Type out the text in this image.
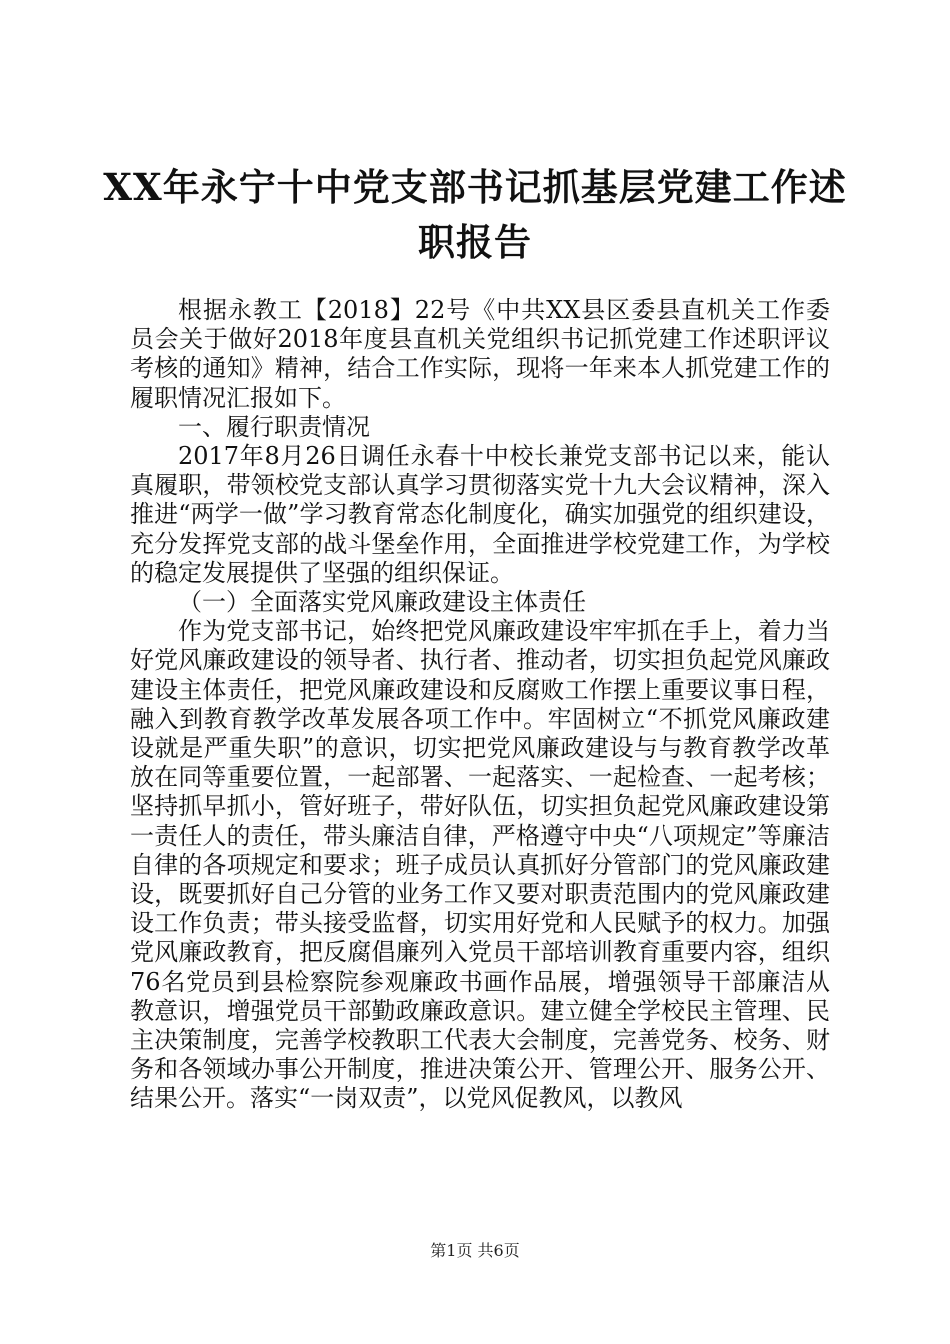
XX年永宁十中党支部书记抓基层党建工作述
职报告

根据永教工【2018】22号《中共XX县区委县直机关工作委员会关于做好2018年度县直机关党组织书记抓党建工作述职评议考核的通知》精神，结合工作实际，现将一年来本人抓党建工作的履职情况汇报如下。

一、履行职责情况

2017年8月26日调任永春十中校长兼党支部书记以来，能认真履职，带领校党支部认真学习贯彻落实党十九大会议精神，深入推进“两学一做”学习教育常态化制度化，确实加强党的组织建设，充分发挥党支部的战斗堡垒作用，全面推进学校党建工作，为学校的稳定发展提供了坚强的组织保证。

（一）全面落实党风廉政建设主体责任

作为党支部书记，始终把党风廉政建设牢牢抓在手上，着力当好党风廉政建设的领导者、执行者、推动者，切实担负起党风廉政建设主体责任，把党风廉政建设和反腐败工作摆上重要议事日程，融入到教育教学改革发展各项工作中。牢固树立“不抓党风廉政建设就是严重失职”的意识，切实把党风廉政建设与与教育教学改革放在同等重要位置，一起部署、一起落实、一起检查、一起考核；坚持抓早抓小，管好班子，带好队伍，切实担负起党风廉政建设第一责任人的责任，带头廉洁自律，严格遵守中央“八项规定”等廉洁自律的各项规定和要求；班子成员认真抓好分管部门的党风廉政建设，既要抓好自己分管的业务工作又要对职责范围内的党风廉政建设工作负责；带头接受监督，切实用好党和人民赋予的权力。加强党风廉政教育，把反腐倡廉列入党员干部培训教育重要内容，组织76名党员到县检察院参观廉政书画作品展，增强领导干部廉洁从教意识，增强党员干部勤政廉政意识。建立健全学校民主管理、民主决策制度，完善学校教职工代表大会制度，完善党务、校务、财务和各领域办事公开制度，推进决策公开、管理公开、服务公开、结果公开。落实“一岗双责”，以党风促教风，以教风

第1页 共6页
